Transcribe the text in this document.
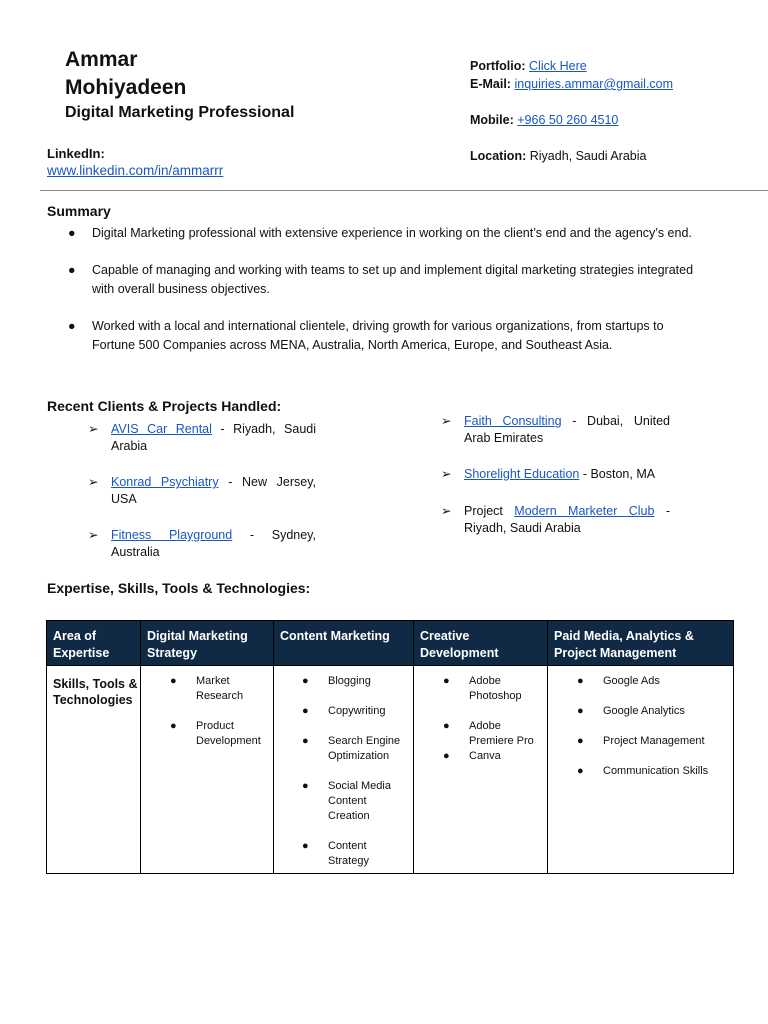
Ammar
Mohiyadeen
Digital Marketing Professional
LinkedIn:
www.linkedin.com/in/ammarrr
Portfolio: Click Here
E-Mail: inquiries.ammar@gmail.com
Mobile: +966 50 260 4510
Location: Riyadh, Saudi Arabia
Summary
● Digital Marketing professional with extensive experience in working on the client’s end and the agency’s end.
● Capable of managing and working with teams to set up and implement digital marketing strategies integrated with overall business objectives.
● Worked with a local and international clientele, driving growth for various organizations, from startups to Fortune 500 Companies across MENA, Australia, North America, Europe, and Southeast Asia.
Recent Clients & Projects Handled:
➢ AVIS Car Rental - Riyadh, Saudi Arabia
➢ Konrad Psychiatry - New Jersey, USA
➢ Fitness Playground - Sydney, Australia
➢ Faith Consulting - Dubai, United Arab Emirates
➢ Shorelight Education - Boston, MA
➢ Project Modern Marketer Club - Riyadh, Saudi Arabia
Expertise, Skills, Tools & Technologies:
Area of Expertise
Digital Marketing Strategy
Content Marketing	Creative Development
Paid Media, Analytics & Project Management
Skills, Tools & Technologies
● Market Research
● Product Development
● Blogging
● Copywriting
● Search Engine Optimization
● Social Media Content Creation
● Content Strategy
● Adobe Photoshop
● Adobe Premiere Pro
● Canva
● Google Ads
● Google Analytics
● Project Management
● Communication Skills
